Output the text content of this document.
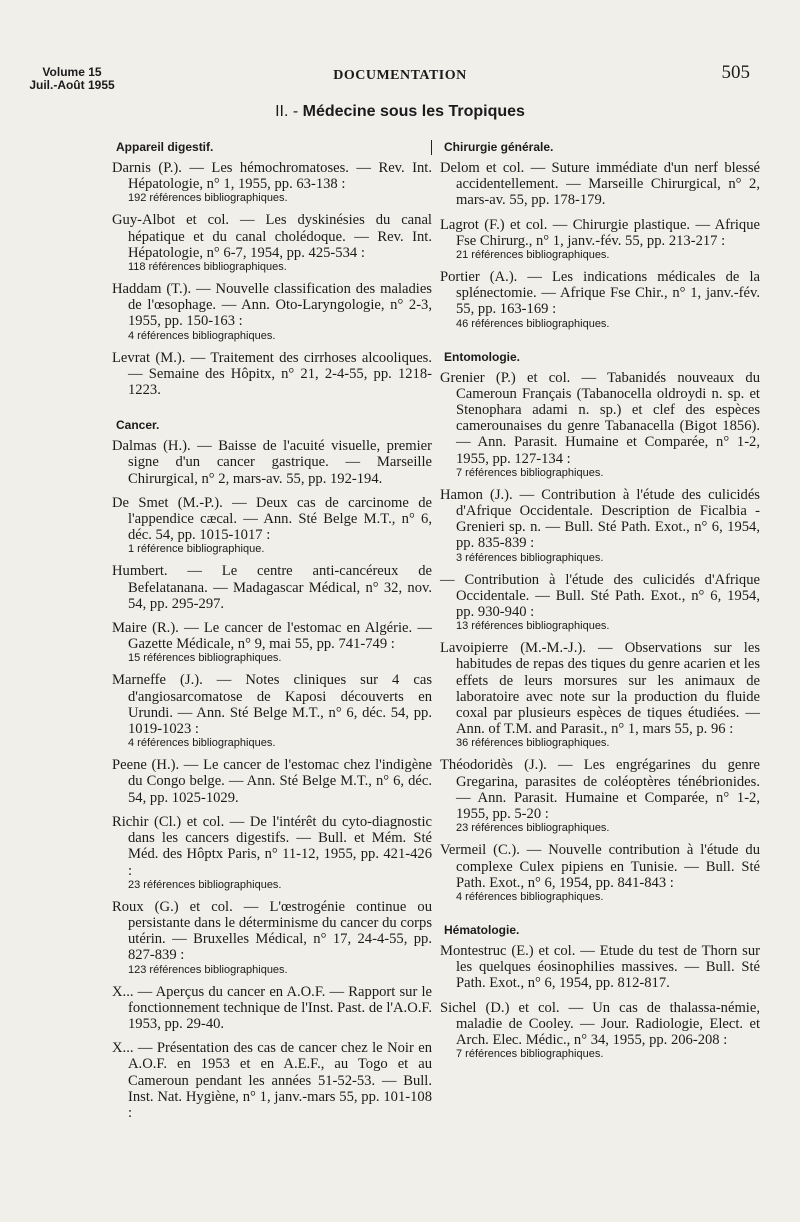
Volume 15
Juil.-Août 1955
DOCUMENTATION	505
II. - Médecine sous les Tropiques
Appareil digestif.
Darnis (P.). — Les hémochromatoses. — Rev. Int. Hépatologie, n° 1, 1955, pp. 63-138 :
192 références bibliographiques.
Guy-Albot et col. — Les dyskinésies du canal hépatique et du canal cholédoque. — Rev. Int. Hépatologie, n° 6-7, 1954, pp. 425-534 :
118 références bibliographiques.
Haddam (T.). — Nouvelle classification des maladies de l'œsophage. — Ann. Oto-Laryngologie, n° 2-3, 1955, pp. 150-163 :
4 références bibliographiques.
Levrat (M.). — Traitement des cirrhoses alcooliques. — Semaine des Hôpitx, n° 21, 2-4-55, pp. 1218-1223.
Cancer.
Dalmas (H.). — Baisse de l'acuité visuelle, premier signe d'un cancer gastrique. — Marseille Chirurgical, n° 2, mars-av. 55, pp. 192-194.
De Smet (M.-P.). — Deux cas de carcinome de l'appendice cæcal. — Ann. Sté Belge M.T., n° 6, déc. 54, pp. 1015-1017 :
1 référence bibliographique.
Humbert. — Le centre anti-cancéreux de Befelatanana. — Madagascar Médical, n° 32, nov. 54, pp. 295-297.
Maire (R.). — Le cancer de l'estomac en Algérie. — Gazette Médicale, n° 9, mai 55, pp. 741-749 :
15 références bibliographiques.
Marneffe (J.). — Notes cliniques sur 4 cas d'angiosarcomatose de Kaposi découverts en Urundi. — Ann. Sté Belge M.T., n° 6, déc. 54, pp. 1019-1023 :
4 références bibliographiques.
Peene (H.). — Le cancer de l'estomac chez l'indigène du Congo belge. — Ann. Sté Belge M.T., n° 6, déc. 54, pp. 1025-1029.
Richir (Cl.) et col. — De l'intérêt du cyto-diagnostic dans les cancers digestifs. — Bull. et Mém. Sté Méd. des Hôptx Paris, n° 11-12, 1955, pp. 421-426 :
23 références bibliographiques.
Roux (G.) et col. — L'œstrogénie continue ou persistante dans le déterminisme du cancer du corps utérin. — Bruxelles Médical, n° 17, 24-4-55, pp. 827-839 :
123 références bibliographiques.
X... — Aperçus du cancer en A.O.F. — Rapport sur le fonctionnement technique de l'Inst. Past. de l'A.O.F. 1953, pp. 29-40.
X... — Présentation des cas de cancer chez le Noir en A.O.F. en 1953 et en A.E.F., au Togo et au Cameroun pendant les années 51-52-53. — Bull. Inst. Nat. Hygiène, n° 1, janv.-mars 55, pp. 101-108 :
Chirurgie générale.
Delom et col. — Suture immédiate d'un nerf blessé accidentellement. — Marseille Chirurgical, n° 2, mars-av. 55, pp. 178-179.
Lagrot (F.) et col. — Chirurgie plastique. — Afrique Fse Chirurg., n° 1, janv.-fév. 55, pp. 213-217 :
21 références bibliographiques.
Portier (A.). — Les indications médicales de la splénectomie. — Afrique Fse Chir., n° 1, janv.-fév. 55, pp. 163-169 :
46 références bibliographiques.
Entomologie.
Grenier (P.) et col. — Tabanidés nouveaux du Cameroun Français (Tabanocella oldroydi n. sp. et Stenophara adami n. sp.) et clef des espèces camerounaises du genre Tabanacella (Bigot 1856). — Ann. Parasit. Humaine et Comparée, n° 1-2, 1955, pp. 127-134 :
7 références bibliographiques.
Hamon (J.). — Contribution à l'étude des culicidés d'Afrique Occidentale. Description de Ficalbia - Grenieri sp. n. — Bull. Sté Path. Exot., n° 6, 1954, pp. 835-839 :
3 références bibliographiques.
— Contribution à l'étude des culicidés d'Afrique Occidentale. — Bull. Sté Path. Exot., n° 6, 1954, pp. 930-940 :
13 références bibliographiques.
Lavoipierre (M.-M.-J.). — Observations sur les habitudes de repas des tiques du genre acarien et les effets de leurs morsures sur les animaux de laboratoire avec note sur la production du fluide coxal par plusieurs espèces de tiques étudiées. — Ann. of T.M. and Parasit., n° 1, mars 55, p. 96 :
36 références bibliographiques.
Théodoridès (J.). — Les engrégarines du genre Gregarina, parasites de coléoptères ténébrionides. — Ann. Parasit. Humaine et Comparée, n° 1-2, 1955, pp. 5-20 :
23 références bibliographiques.
Vermeil (C.). — Nouvelle contribution à l'étude du complexe Culex pipiens en Tunisie. — Bull. Sté Path. Exot., n° 6, 1954, pp. 841-843 :
4 références bibliographiques.
Hématologie.
Montestruc (E.) et col. — Etude du test de Thorn sur les quelques éosinophilies massives. — Bull. Sté Path. Exot., n° 6, 1954, pp. 812-817.
Sichel (D.) et col. — Un cas de thalassa-némie, maladie de Cooley. — Jour. Radiologie, Elect. et Arch. Elec. Médic., n° 34, 1955, pp. 206-208 :
7 références bibliographiques.
